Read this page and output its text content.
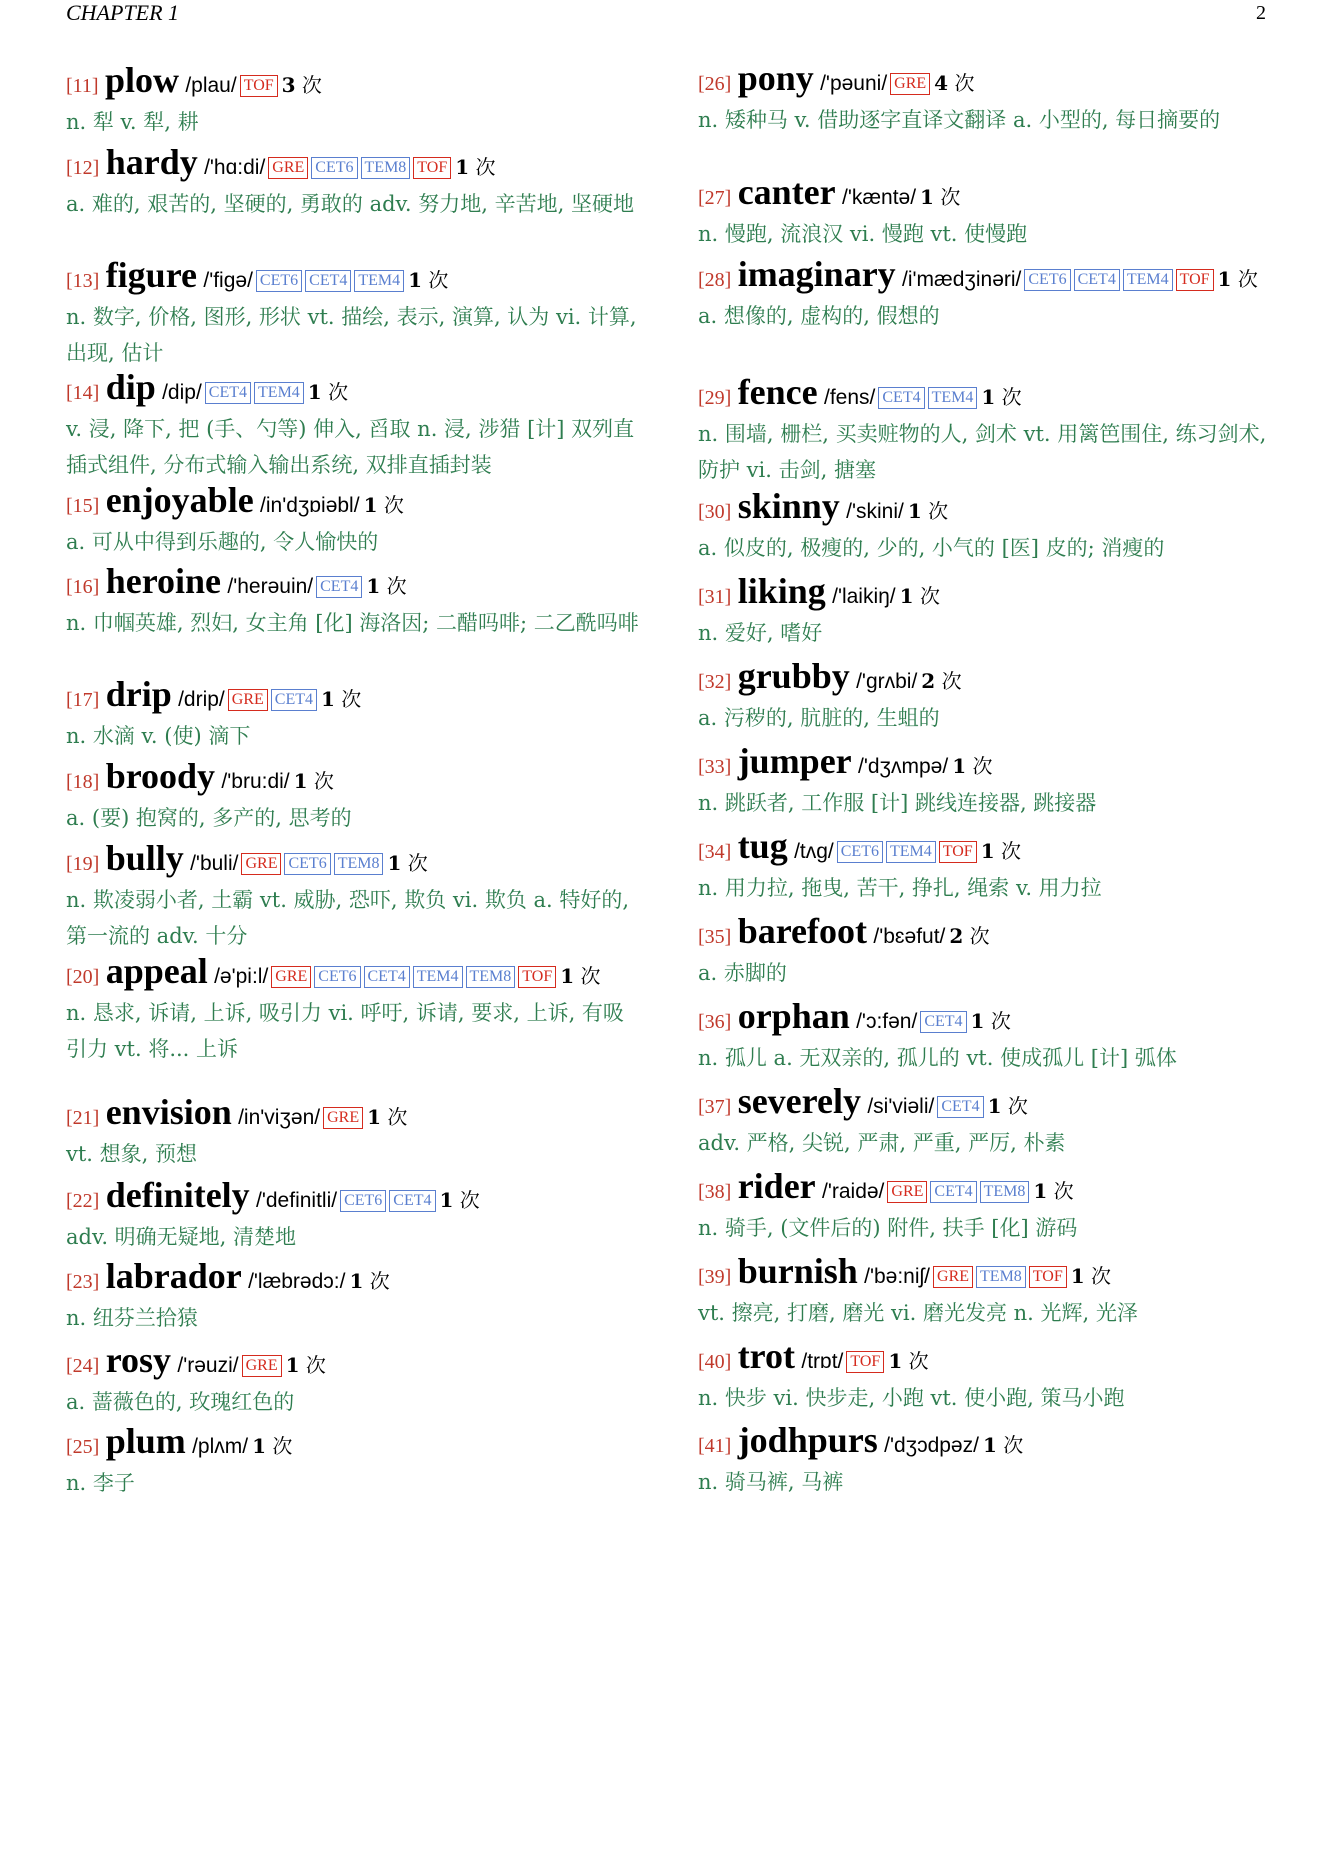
CHAPTER 1	2
[11] plow /plau/ TOF 3 次
n. 犁 v. 犁, 耕
[12] hardy /'hɑ:di/ GRE CET6 TEM8 TOF 1 次
a. 难的, 艰苦的, 坚硬的, 勇敢的 adv. 努力地, 辛苦地, 坚硬地
[13] figure /'figə/ CET6 CET4 TEM4 1 次
n. 数字, 价格, 图形, 形状 vt. 描绘, 表示, 演算, 认为 vi. 计算, 出现, 估计
[14] dip /dip/ CET4 TEM4 1 次
v. 浸, 降下, 把 (手、勺等) 伸入, 舀取 n. 浸, 涉猎 [计] 双列直插式组件, 分布式输入输出系统, 双排直插封装
[15] enjoyable /in'dʒɒiəbl/ 1 次
a. 可从中得到乐趣的, 令人愉快的
[16] heroine /'herəuin/ CET4 1 次
n. 巾帼英雄, 烈妇, 女主角 [化] 海洛因; 二醋吗啡; 二乙酰吗啡
[17] drip /drip/ GRE CET4 1 次
n. 水滴 v. (使) 滴下
[18] broody /'bru:di/ 1 次
a. (要) 抱窝的, 多产的, 思考的
[19] bully /'buli/ GRE CET6 TEM8 1 次
n. 欺凌弱小者, 土霸 vt. 威胁, 恐吓, 欺负 vi. 欺负 a. 特好的, 第一流的 adv. 十分
[20] appeal /ə'pi:l/ GRE CET6 CET4 TEM4 TEM8 TOF 1 次
n. 恳求, 诉请, 上诉, 吸引力 vi. 呼吁, 诉请, 要求, 上诉, 有吸引力 vt. 将... 上诉
[21] envision /in'viʒən/ GRE 1 次
vt. 想象, 预想
[22] definitely /'definitli/ CET6 CET4 1 次
adv. 明确无疑地, 清楚地
[23] labrador /'læbrədɔ:/ 1 次
n. 纽芬兰拾猿
[24] rosy /'rəuzi/ GRE 1 次
a. 蔷薇色的, 玫瑰红色的
[25] plum /plʌm/ 1 次
n. 李子
[26] pony /'pəuni/ GRE 4 次
n. 矮种马 v. 借助逐字直译文翻译 a. 小型的, 每日摘要的
[27] canter /'kæntə/ 1 次
n. 慢跑, 流浪汉 vi. 慢跑 vt. 使慢跑
[28] imaginary /i'mædʒinəri/ CET6 CET4 TEM4 TOF 1 次
a. 想像的, 虚构的, 假想的
[29] fence /fens/ CET4 TEM4 1 次
n. 围墙, 栅栏, 买卖赃物的人, 剑术 vt. 用篱笆围住, 练习剑术, 防护 vi. 击剑, 搪塞
[30] skinny /'skini/ 1 次
a. 似皮的, 极瘦的, 少的, 小气的 [医] 皮的; 消瘦的
[31] liking /'laikiŋ/ 1 次
n. 爱好, 嗜好
[32] grubby /'grʌbi/ 2 次
a. 污秽的, 肮脏的, 生蛆的
[33] jumper /'dʒʌmpə/ 1 次
n. 跳跃者, 工作服 [计] 跳线连接器, 跳接器
[34] tug /tʌg/ CET6 TEM4 TOF 1 次
n. 用力拉, 拖曳, 苦干, 挣扎, 绳索 v. 用力拉
[35] barefoot /'bɛəfut/ 2 次
a. 赤脚的
[36] orphan /'ɔ:fən/ CET4 1 次
n. 孤儿 a. 无双亲的, 孤儿的 vt. 使成孤儿 [计] 弧体
[37] severely /si'viəli/ CET4 1 次
adv. 严格, 尖锐, 严肃, 严重, 严厉, 朴素
[38] rider /'raidə/ GRE CET4 TEM8 1 次
n. 骑手, (文件后的) 附件, 扶手 [化] 游码
[39] burnish /'bə:niʃ/ GRE TEM8 TOF 1 次
vt. 擦亮, 打磨, 磨光 vi. 磨光发亮 n. 光辉, 光泽
[40] trot /trɒt/ TOF 1 次
n. 快步 vi. 快步走, 小跑 vt. 使小跑, 策马小跑
[41] jodhpurs /'dʒɔdpəz/ 1 次
n. 骑马裤, 马裤
